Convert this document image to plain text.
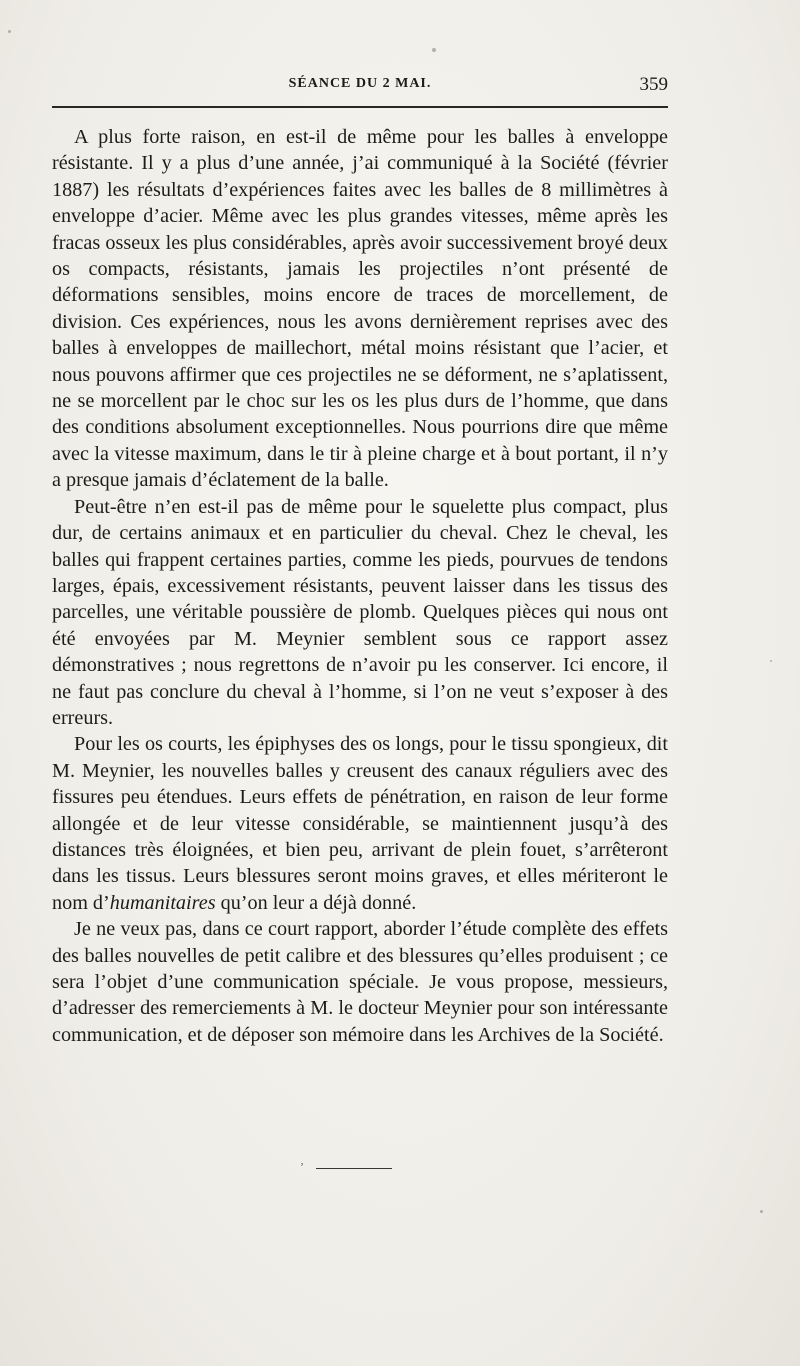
SÉANCE DU 2 MAI.	359

A plus forte raison, en est-il de même pour les balles à enveloppe résistante. Il y a plus d’une année, j’ai communiqué à la Société (février 1887) les résultats d’expériences faites avec les balles de 8 millimètres à enveloppe d’acier. Même avec les plus grandes vitesses, même après les fracas osseux les plus considérables, après avoir successivement broyé deux os compacts, résistants, jamais les projectiles n’ont présenté de déformations sensibles, moins encore de traces de morcellement, de division. Ces expériences, nous les avons dernièrement reprises avec des balles à enveloppes de maillechort, métal moins résistant que l’acier, et nous pouvons affirmer que ces projectiles ne se déforment, ne s’aplatissent, ne se morcellent par le choc sur les os les plus durs de l’homme, que dans des conditions absolument exceptionnelles. Nous pourrions dire que même avec la vitesse maximum, dans le tir à pleine charge et à bout portant, il n’y a presque jamais d’éclatement de la balle.

Peut-être n’en est-il pas de même pour le squelette plus compact, plus dur, de certains animaux et en particulier du cheval. Chez le cheval, les balles qui frappent certaines parties, comme les pieds, pourvues de tendons larges, épais, excessivement résistants, peuvent laisser dans les tissus des parcelles, une véritable poussière de plomb. Quelques pièces qui nous ont été envoyées par M. Meynier semblent sous ce rapport assez démonstratives ; nous regrettons de n’avoir pu les conserver. Ici encore, il ne faut pas conclure du cheval à l’homme, si l’on ne veut s’exposer à des erreurs.

Pour les os courts, les épiphyses des os longs, pour le tissu spongieux, dit M. Meynier, les nouvelles balles y creusent des canaux réguliers avec des fissures peu étendues. Leurs effets de pénétration, en raison de leur forme allongée et de leur vitesse considérable, se maintiennent jusqu’à des distances très éloignées, et bien peu, arrivant de plein fouet, s’arrêteront dans les tissus. Leurs blessures seront moins graves, et elles mériteront le nom d’humanitaires qu’on leur a déjà donné.

Je ne veux pas, dans ce court rapport, aborder l’étude complète des effets des balles nouvelles de petit calibre et des blessures qu’elles produisent ; ce sera l’objet d’une communication spéciale. Je vous propose, messieurs, d’adresser des remerciements à M. le docteur Meynier pour son intéressante communication, et de déposer son mémoire dans les Archives de la Société.

ʼ
